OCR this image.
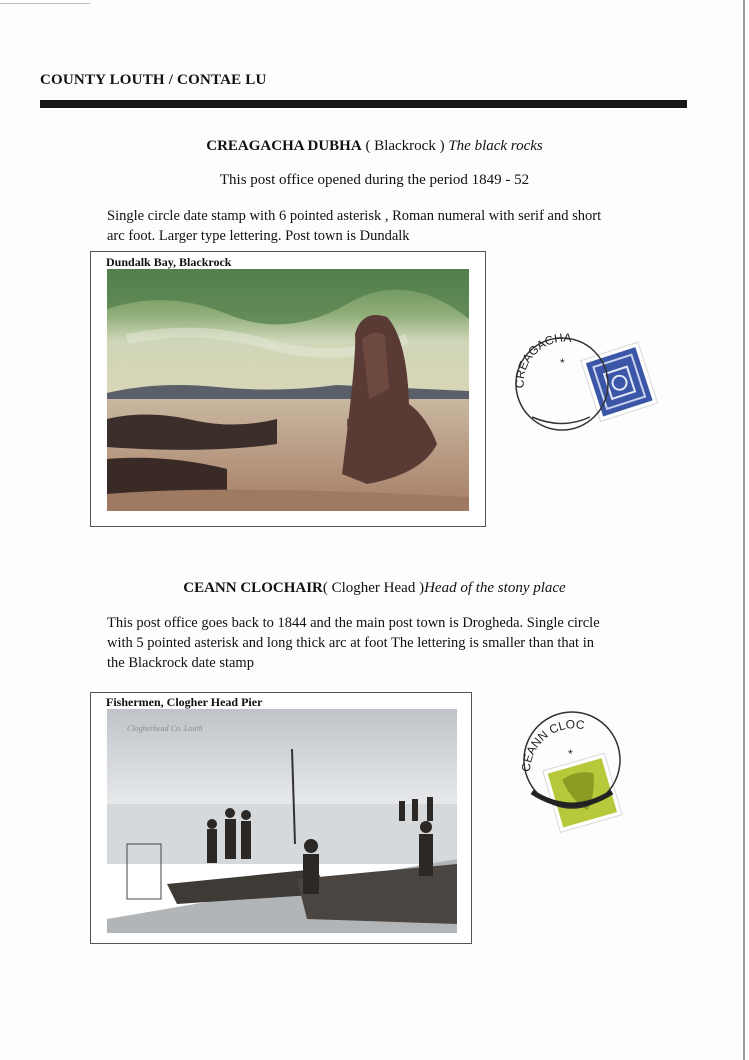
COUNTY LOUTH / CONTAE LU
CREAGACHA DUBHA ( Blackrock ) The black rocks
This post office opened during the period 1849 - 52
Single circle date stamp with 6 pointed asterisk , Roman numeral with serif and short
arc foot. Larger type lettering. Post town is Dundalk
Dundalk Bay, Blackrock
CREAGACHA
*
CEANN CLOCHAIR( Clogher Head )Head of the stony place
This post office goes back to 1844 and the main post town is Drogheda. Single circle
with 5 pointed asterisk and long thick arc at foot The lettering is smaller than that in
the Blackrock date stamp
Fishermen, Clogher Head Pier
Clogherhead Co. Louth
CEANN CLOC
*
